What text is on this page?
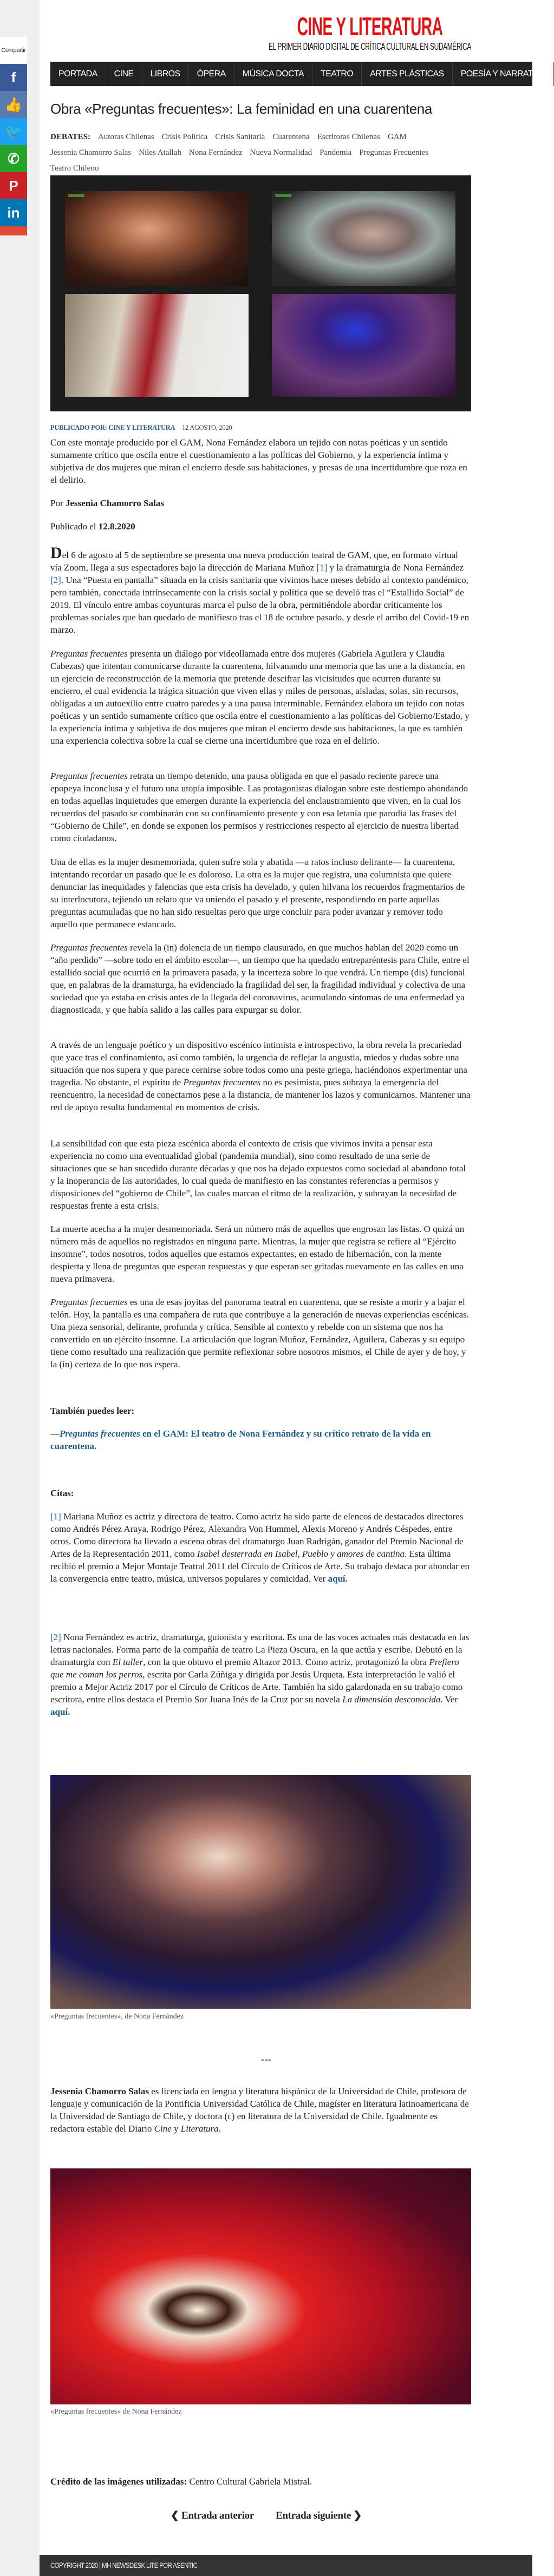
Compartir
f
👍
🐦
✆
P
in
CINE Y LITERATURA
EL PRIMER DIARIO DIGITAL DE CRÍTICA CULTURAL EN SUDAMÉRICA
PORTADA	CINE	LIBROS	ÓPERA	MÚSICA DOCTA	TEATRO	ARTES PLÁSTICAS	POESÍA Y NARRATIVA
Obra «Preguntas frecuentes»: La feminidad en una cuarentena
DEBATES: Autoras Chilenas Crisis Política Crisis Sanitaria Cuarentena Escritoras Chilenas GAM
Jessenia Chamorro Salas Niles Atallah Nona Fernández Nueva Normalidad Pandemia Preguntas Frecuentes
Teatro Chileno
PUBLICADO POR: CINE Y LITERATURA 12 AGOSTO, 2020

Con este montaje producido por el GAM, Nona Fernández elabora un tejido con notas poéticas y un sentido sumamente crítico que oscila entre el cuestionamiento a las políticas del Gobierno, y la experiencia íntima y subjetiva de dos mujeres que miran el encierro desde sus habitaciones, y presas de una incertidumbre que roza en el delirio.

Por Jessenia Chamorro Salas

Publicado el 12.8.2020

Del 6 de agosto al 5 de septiembre se presenta una nueva producción teatral de GAM, que, en formato virtual vía Zoom, llega a sus espectadores bajo la dirección de Mariana Muñoz [1] y la dramaturgia de Nona Fernández [2]. Una “Puesta en pantalla” situada en la crisis sanitaria que vivimos hace meses debido al contexto pandémico, pero también, conectada intrínsecamente con la crisis social y política que se develó tras el “Estallido Social” de 2019. El vínculo entre ambas coyunturas marca el pulso de la obra, permitiéndole abordar críticamente los problemas sociales que han quedado de manifiesto tras el 18 de octubre pasado, y desde el arribo del Covid-19 en marzo.

Preguntas frecuentes presenta un diálogo por videollamada entre dos mujeres (Gabriela Aguilera y Claudia Cabezas) que intentan comunicarse durante la cuarentena, hilvanando una memoria que las une a la distancia, en un ejercicio de reconstrucción de la memoria que pretende descifrar las vicisitudes que ocurren durante su encierro, el cual evidencia la trágica situación que viven ellas y miles de personas, aisladas, solas, sin recursos, obligadas a un autoexilio entre cuatro paredes y a una pausa interminable. Fernández elabora un tejido con notas poéticas y un sentido sumamente crítico que oscila entre el cuestionamiento a las políticas del Gobierno/Estado, y la experiencia íntima y subjetiva de dos mujeres que miran el encierro desde sus habitaciones, la que es también una experiencia colectiva sobre la cual se cierne una incertidumbre que roza en el delirio.

Preguntas frecuentes retrata un tiempo detenido, una pausa obligada en que el pasado reciente parece una epopeya inconclusa y el futuro una utopía imposible. Las protagonistas dialogan sobre este destiempo ahondando en todas aquellas inquietudes que emergen durante la experiencia del enclaustramiento que viven, en la cual los recuerdos del pasado se combinarán con su confinamiento presente y con esa letanía que parodia las frases del “Gobierno de Chile”, en donde se exponen los permisos y restricciones respecto al ejercicio de nuestra libertad como ciudadanos.

Una de ellas es la mujer desmemoriada, quien sufre sola y abatida —a ratos incluso delirante— la cuarentena, intentando recordar un pasado que le es doloroso. La otra es la mujer que registra, una columnista que quiere denunciar las inequidades y falencias que esta crisis ha develado, y quien hilvana los recuerdos fragmentarios de su interlocutora, tejiendo un relato que va uniendo el pasado y el presente, respondiendo en parte aquellas preguntas acumuladas que no han sido resueltas pero que urge concluir para poder avanzar y remover todo aquello que permanece estancado.

Preguntas frecuentes revela la (in) dolencia de un tiempo clausurado, en que muchos hablan del 2020 como un “año perdido” —sobre todo en el ámbito escolar—, un tiempo que ha quedado entreparéntesis para Chile, entre el estallido social que ocurrió en la primavera pasada, y la incerteza sobre lo que vendrá. Un tiempo (dis) funcional que, en palabras de la dramaturga, ha evidenciado la fragilidad del ser, la fragilidad individual y colectiva de una sociedad que ya estaba en crisis antes de la llegada del coronavirus, acumulando síntomas de una enfermedad ya diagnosticada, y que había salido a las calles para expurgar su dolor.

A través de un lenguaje poético y un dispositivo escénico intimista e introspectivo, la obra revela la precariedad que yace tras el confinamiento, así como también, la urgencia de reflejar la angustia, miedos y dudas sobre una situación que nos supera y que parece cernirse sobre todos como una peste griega, haciéndonos experimentar una tragedia. No obstante, el espíritu de Preguntas frecuentes no es pesimista, pues subraya la emergencia del reencuentro, la necesidad de conectarnos pese a la distancia, de mantener los lazos y comunicarnos. Mantener una red de apoyo resulta fundamental en momentos de crisis.

La sensibilidad con que esta pieza escénica aborda el contexto de crisis que vivimos invita a pensar esta experiencia no como una eventualidad global (pandemia mundial), sino como resultado de una serie de situaciones que se han sucedido durante décadas y que nos ha dejado expuestos como sociedad al abandono total y la inoperancia de las autoridades, lo cual queda de manifiesto en las constantes referencias a permisos y disposiciones del “gobierno de Chile”, las cuales marcan el ritmo de la realización, y subrayan la necesidad de respuestas frente a esta crisis.

La muerte acecha a la mujer desmemoriada. Será un número más de aquellos que engrosan las listas. O quizá un número más de aquellos no registrados en ninguna parte. Mientras, la mujer que registra se refiere al “Ejército insomne”, todos nosotros, todos aquellos que estamos expectantes, en estado de hibernación, con la mente despierta y llena de preguntas que esperan respuestas y que esperan ser gritadas nuevamente en las calles en una nueva primavera.

Preguntas frecuentes es una de esas joyitas del panorama teatral en cuarentena, que se resiste a morir y a bajar el telón. Hoy, la pantalla es una compañera de ruta que contribuye a la generación de nuevas experiencias escénicas. Una pieza sensorial, delirante, profunda y crítica. Sensible al contexto y rebelde con un sistema que nos ha convertido en un ejército insomne. La articulación que logran Muñoz, Fernández, Aguilera, Cabezas y su equipo tiene como resultado una realización que permite reflexionar sobre nosotros mismos, el Chile de ayer y de hoy, y la (in) certeza de lo que nos espera.

También puedes leer:

—Preguntas frecuentes en el GAM: El teatro de Nona Fernández y su crítico retrato de la vida en cuarentena.

Citas:

[1] Mariana Muñoz es actriz y directora de teatro. Como actriz ha sido parte de elencos de destacados directores como Andrés Pérez Araya, Rodrigo Pérez, Alexandra Von Hummel, Alexis Moreno y Andrés Céspedes, entre otros. Como directora ha llevado a escena obras del dramaturgo Juan Radrigán, ganador del Premio Nacional de Artes de la Representación 2011, como Isabel desterrada en Isabel, Pueblo y amores de cantina. Esta última recibió el premio a Mejor Montaje Teatral 2011 del Círculo de Críticos de Arte. Su trabajo destaca por ahondar en la convergencia entre teatro, música, universos populares y comicidad. Ver aquí.

[2] Nona Fernández es actriz, dramaturga, guionista y escritora. Es una de las voces actuales más destacada en las letras nacionales. Forma parte de la compañía de teatro La Pieza Oscura, en la que actúa y escribe. Debutó en la dramaturgia con El taller, con la que obtuvo el premio Altazor 2013. Como actriz, protagonizó la obra Prefiero que me coman los perros, escrita por Carla Zúñiga y dirigida por Jesús Urqueta. Esta interpretación le valió el premio a Mejor Actriz 2017 por el Círculo de Críticos de Arte. También ha sido galardonada en su trabajo como escritora, entre ellos destaca el Premio Sor Juana Inés de la Cruz por su novela La dimensión desconocida. Ver aquí.

«Preguntas frecuentes», de Nona Fernández
***

Jessenia Chamorro Salas es licenciada en lengua y literatura hispánica de la Universidad de Chile, profesora de lenguaje y comunicación de la Pontificia Universidad Católica de Chile, magíster en literatura latinoamericana de la Universidad de Santiago de Chile, y doctora (c) en literatura de la Universidad de Chile. Igualmente es redactora estable del Diario Cine y Literatura.

«Preguntas frecuentes» de Nona Fernández

Crédito de las imágenes utilizadas: Centro Cultural Gabriela Mistral.

❮ Entrada anterior Entrada siguiente ❯
COPYRIGHT 2020 | MH NEWSDESK LITE POR ASENTIC
